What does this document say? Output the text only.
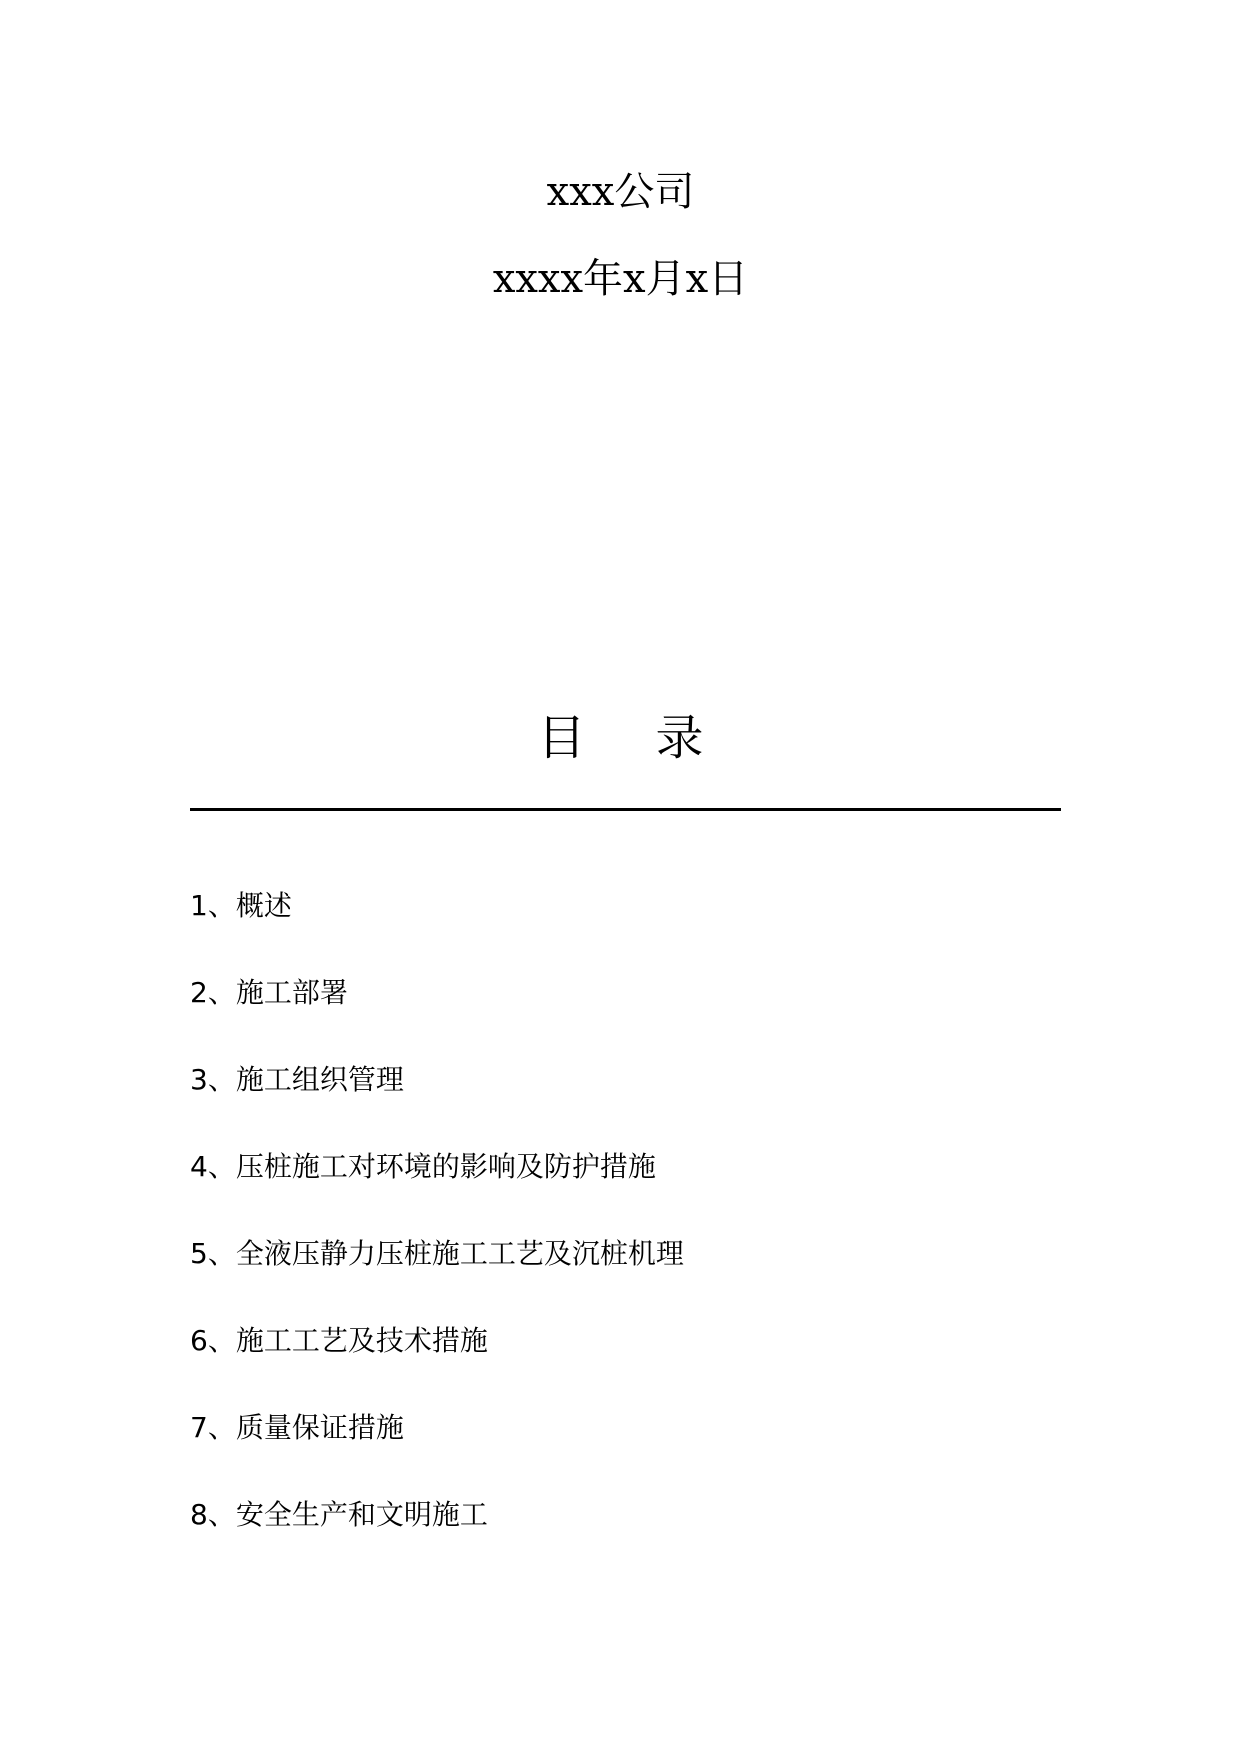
xxx公司
xxxx年x月x日
目录
1、概述
2、施工部署
3、施工组织管理
4、压桩施工对环境的影响及防护措施
5、全液压静力压桩施工工艺及沉桩机理
6、施工工艺及技术措施
7、质量保证措施
8、安全生产和文明施工
